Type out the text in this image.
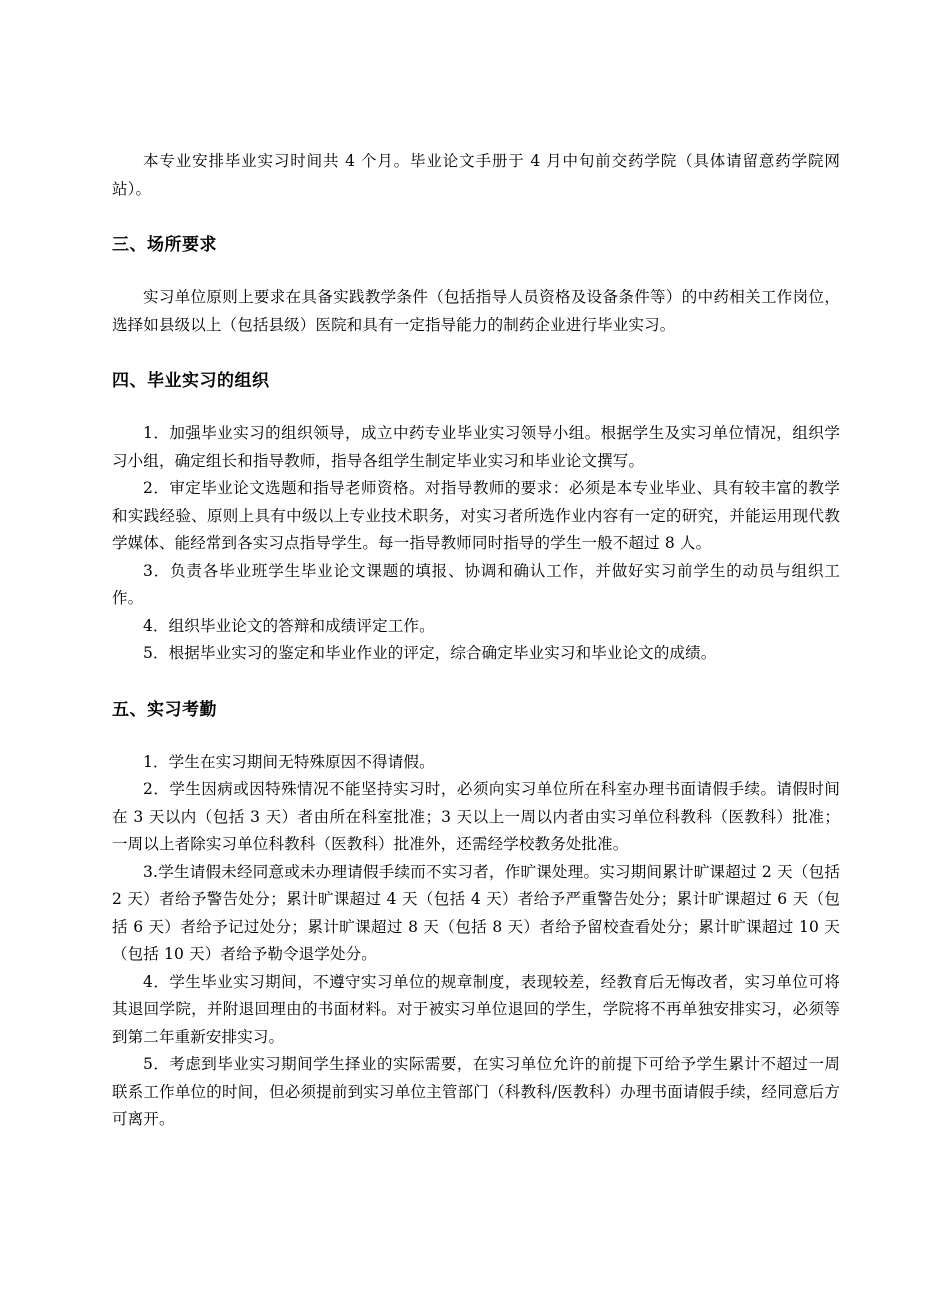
本专业安排毕业实习时间共 4 个月。毕业论文手册于 4 月中旬前交药学院（具体请留意药学院网站）。

三、场所要求

实习单位原则上要求在具备实践教学条件（包括指导人员资格及设备条件等）的中药相关工作岗位，选择如县级以上（包括县级）医院和具有一定指导能力的制药企业进行毕业实习。

四、毕业实习的组织

1．加强毕业实习的组织领导，成立中药专业毕业实习领导小组。根据学生及实习单位情况，组织学习小组，确定组长和指导教师，指导各组学生制定毕业实习和毕业论文撰写。

2．审定毕业论文选题和指导老师资格。对指导教师的要求：必须是本专业毕业、具有较丰富的教学和实践经验、原则上具有中级以上专业技术职务，对实习者所选作业内容有一定的研究，并能运用现代教学媒体、能经常到各实习点指导学生。每一指导教师同时指导的学生一般不超过 8 人。

3．负责各毕业班学生毕业论文课题的填报、协调和确认工作，并做好实习前学生的动员与组织工作。

4．组织毕业论文的答辩和成绩评定工作。

5．根据毕业实习的鉴定和毕业作业的评定，综合确定毕业实习和毕业论文的成绩。

五、实习考勤

1．学生在实习期间无特殊原因不得请假。

2．学生因病或因特殊情况不能坚持实习时，必须向实习单位所在科室办理书面请假手续。请假时间在 3 天以内（包括 3 天）者由所在科室批准；3 天以上一周以内者由实习单位科教科（医教科）批准；一周以上者除实习单位科教科（医教科）批准外，还需经学校教务处批准。

3.学生请假未经同意或未办理请假手续而不实习者，作旷课处理。实习期间累计旷课超过 2 天（包括 2 天）者给予警告处分；累计旷课超过 4 天（包括 4 天）者给予严重警告处分；累计旷课超过 6 天（包括 6 天）者给予记过处分；累计旷课超过 8 天（包括 8 天）者给予留校查看处分；累计旷课超过 10 天（包括 10 天）者给予勒令退学处分。

4．学生毕业实习期间，不遵守实习单位的规章制度，表现较差，经教育后无悔改者，实习单位可将其退回学院，并附退回理由的书面材料。对于被实习单位退回的学生，学院将不再单独安排实习，必须等到第二年重新安排实习。

5．考虑到毕业实习期间学生择业的实际需要，在实习单位允许的前提下可给予学生累计不超过一周联系工作单位的时间，但必须提前到实习单位主管部门（科教科/医教科）办理书面请假手续，经同意后方可离开。
